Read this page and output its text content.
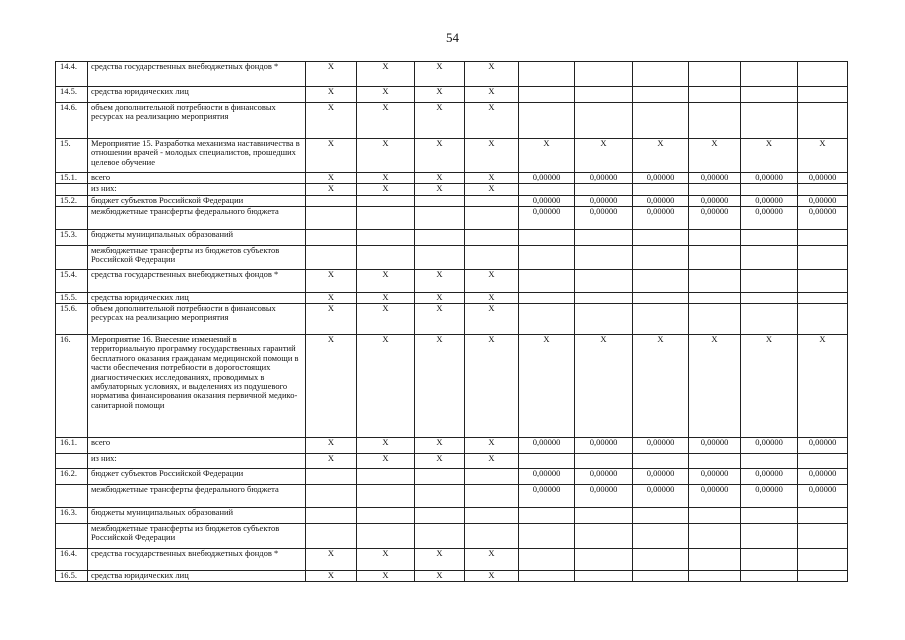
54
14.4.	средства государственных внебюджетных фондов *	Х	Х	Х	Х						
14.5.	средства юридических лиц	Х	Х	Х	Х						
14.6.	объем дополнительной потребности в финансовых ресурсах на реализацию мероприятия	Х	Х	Х	Х						
15.	Мероприятие 15. Разработка механизма наставничества в отношении врачей - молодых специалистов, прошедших целевое обучение	Х	Х	Х	Х	Х	Х	Х	Х	Х	Х
15.1.	всего	Х	Х	Х	Х	0,00000	0,00000	0,00000	0,00000	0,00000	0,00000
	из них:	Х	Х	Х	Х						
15.2.	бюджет субъектов Российской Федерации					0,00000	0,00000	0,00000	0,00000	0,00000	0,00000
	межбюджетные трансферты федерального бюджета					0,00000	0,00000	0,00000	0,00000	0,00000	0,00000
15.3.	бюджеты муниципальных образований										
	межбюджетные трансферты из бюджетов субъектов Российской Федерации										
15.4.	средства государственных внебюджетных фондов *	Х	Х	Х	Х						
15.5.	средства юридических лиц	Х	Х	Х	Х						
15.6.	объем дополнительной потребности в финансовых ресурсах на реализацию мероприятия	Х	Х	Х	Х						
16.	Мероприятие 16. Внесение изменений в территориальную программу государственных гарантий бесплатного оказания гражданам медицинской помощи в части обеспечения потребности в дорогостоящих диагностических исследованиях, проводимых в амбулаторных условиях, и выделениях из подушевого норматива финансирования оказания первичной медико-санитарной помощи	Х	Х	Х	Х	Х	Х	Х	Х	Х	Х
16.1.	всего	Х	Х	Х	Х	0,00000	0,00000	0,00000	0,00000	0,00000	0,00000
	из них:	Х	Х	Х	Х						
16.2.	бюджет субъектов Российской Федерации					0,00000	0,00000	0,00000	0,00000	0,00000	0,00000
	межбюджетные трансферты федерального бюджета					0,00000	0,00000	0,00000	0,00000	0,00000	0,00000
16.3.	бюджеты муниципальных образований										
	межбюджетные трансферты из бюджетов субъектов Российской Федерации										
16.4.	средства государственных внебюджетных фондов *	Х	Х	Х	Х						
16.5.	средства юридических лиц	Х	Х	Х	Х						
